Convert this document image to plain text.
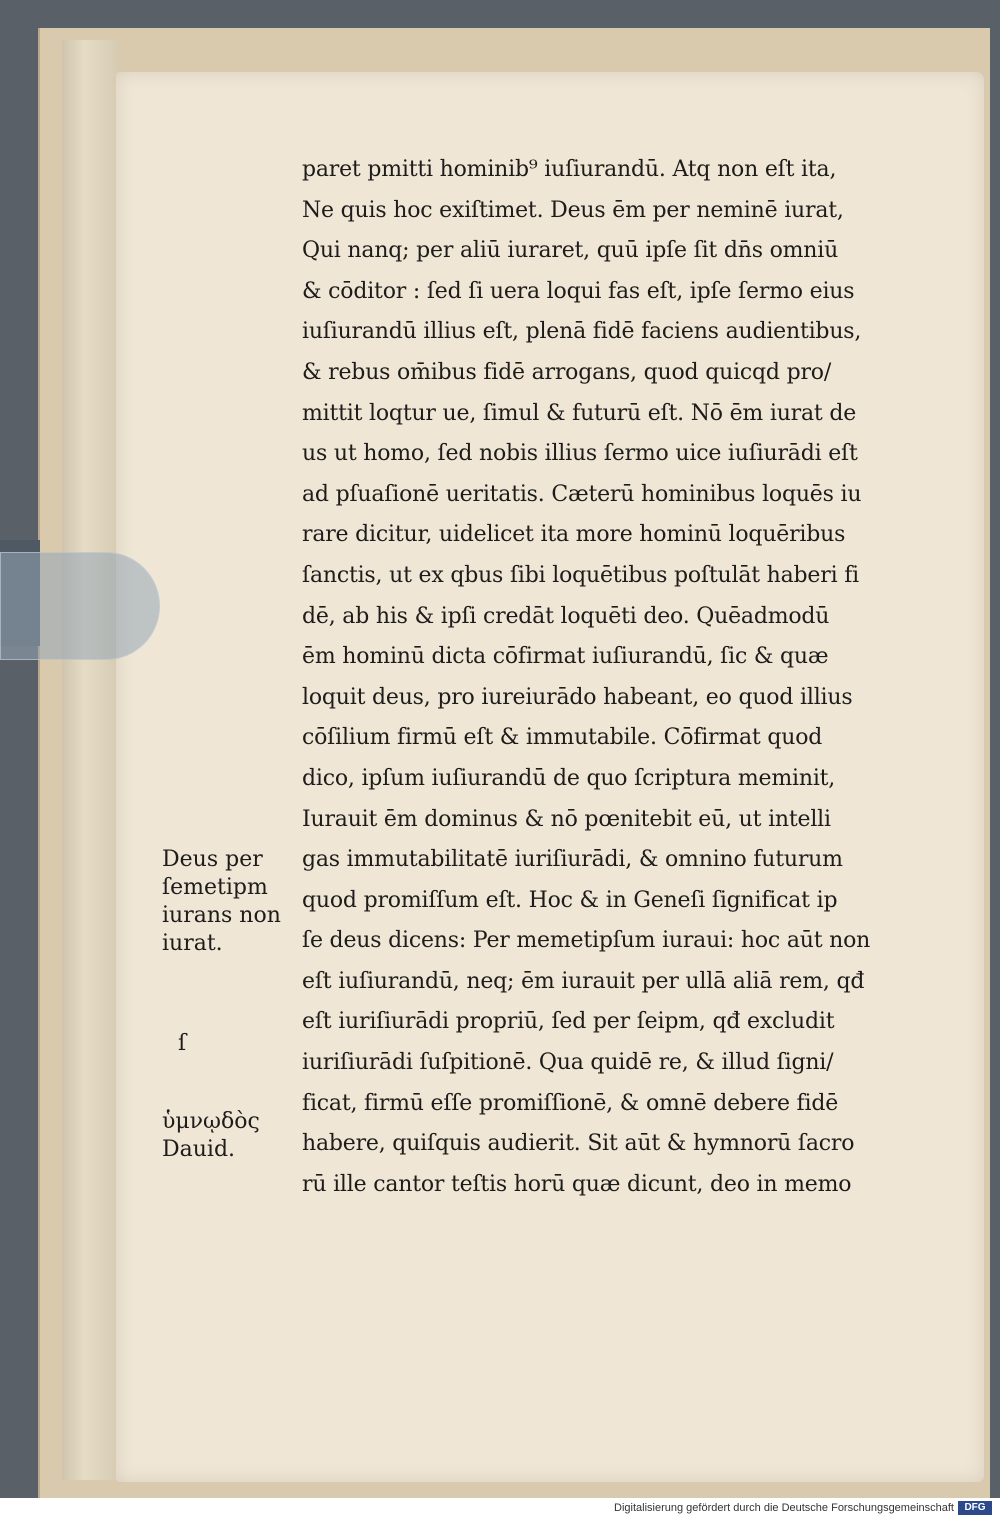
paret pmitti hominib⁹ iuſiurandū. Atq non eſt ita,
Ne quis hoc exiſtimet. Deus ēm per neminē iurat,
Qui nanq; per aliū iuraret, quū ipſe ſit dn̄s omniū
& cōditor : ſed ſi uera loqui fas eſt, ipſe ſermo eius
iuſiurandū illius eſt, plenā fidē faciens audientibus,
& rebus om̄ibus fidē arrogans, quod quicqd pro/
mittit loqtur ue, ſimul & futurū eſt. Nō ēm iurat de
us ut homo, ſed nobis illius ſermo uice iuſiurādi eſt
ad pſuaſionē ueritatis. Cæterū hominibus loquēs iu
rare dicitur, uidelicet ita more hominū loquēribus
ſanctis, ut ex qbus ſibi loquētibus poſtulāt haberi fi
dē, ab his & ipſi credāt loquēti deo. Quēadmodū
ēm hominū dicta cōfirmat iuſiurandū, ſic & quæ
loquit deus, pro iureiurādo habeant, eo quod illius
cōſilium firmū eſt & immutabile. Cōfirmat quod
dico, ipſum iuſiurandū de quo ſcriptura meminit,
Iurauit ēm dominus & nō pœnitebit eū, ut intelli
gas immutabilitatē iuriſiurādi, & omnino futurum
quod promiſſum eſt. Hoc & in Geneſi ſignificat ip
ſe deus dicens: Per memetipſum iuraui: hoc aūt non
eſt iuſiurandū, neq; ēm iurauit per ullā aliā rem, qđ
eſt iuriſiurādi propriū, ſed per ſeipm, qđ excludit
iuriſiurādi ſuſpitionē. Qua quidē re, & illud ſigni/
ficat, firmū eſſe promiſſionē, & omnē debere fidē
habere, quiſquis audierit. Sit aūt & hymnorū ſacro
rū ille cantor teſtis horū quæ dicunt, deo in memo
Deus per
ſemetipm
iurans non
iurat.
ſ
ὑμνῳδὸς
Dauid.
Digitalisierung gefördert durch die Deutsche Forschungsgemeinschaft	DFG
